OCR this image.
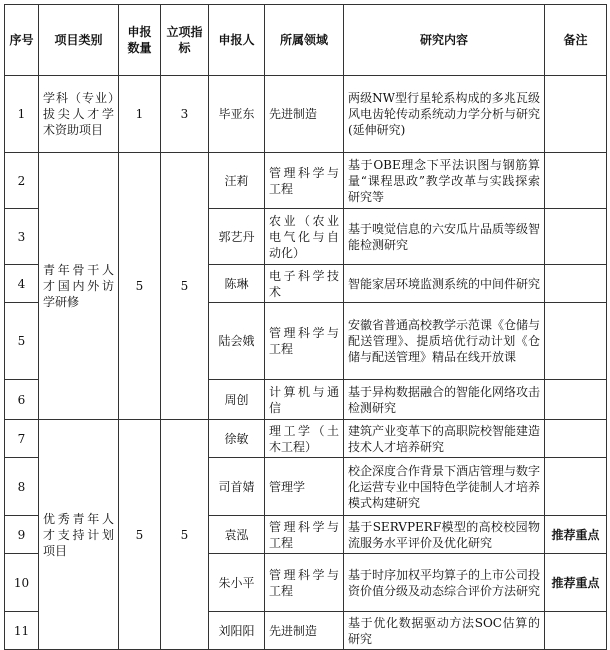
序号	项目类别	申报数量	立项指标	申报人	所属领域	研究内容	备注
1	学科（专业）拔尖人才学术资助项目	1	3	毕亚东	先进制造	两级NW型行星轮系构成的多兆瓦级风电齿轮传动系统动力学分析与研究(延伸研究)	
2	青年骨干人才国内外访学研修	5	5	汪莉	管理科学与工程	基于OBE理念下平法识图与钢筋算量“课程思政”教学改革与实践探索研究等	
3				郭艺丹	农业（农业电气化与自动化）	基于嗅觉信息的六安瓜片品质等级智能检测研究	
4				陈琳	电子科学技术	智能家居环境监测系统的中间件研究	
5				陆会娥	管理科学与工程	安徽省普通高校教学示范课《仓储与配送管理》、提质培优行动计划《仓储与配送管理》精品在线开放课	
6				周创	计算机与通信	基于异构数据融合的智能化网络攻击检测研究	
7	优秀青年人才支持计划项目	5	5	徐敏	理工学（土木工程）	建筑产业变革下的高职院校智能建造技术人才培养研究	
8				司首婧	管理学	校企深度合作背景下酒店管理与数字化运营专业中国特色学徒制人才培养模式构建研究	
9				袁泓	管理科学与工程	基于SERVPERF模型的高校校园物流服务水平评价及优化研究	推荐重点
10				朱小平	管理科学与工程	基于时序加权平均算子的上市公司投资价值分级及动态综合评价方法研究	推荐重点
11				刘阳阳	先进制造	基于优化数据驱动方法SOC估算的研究	
